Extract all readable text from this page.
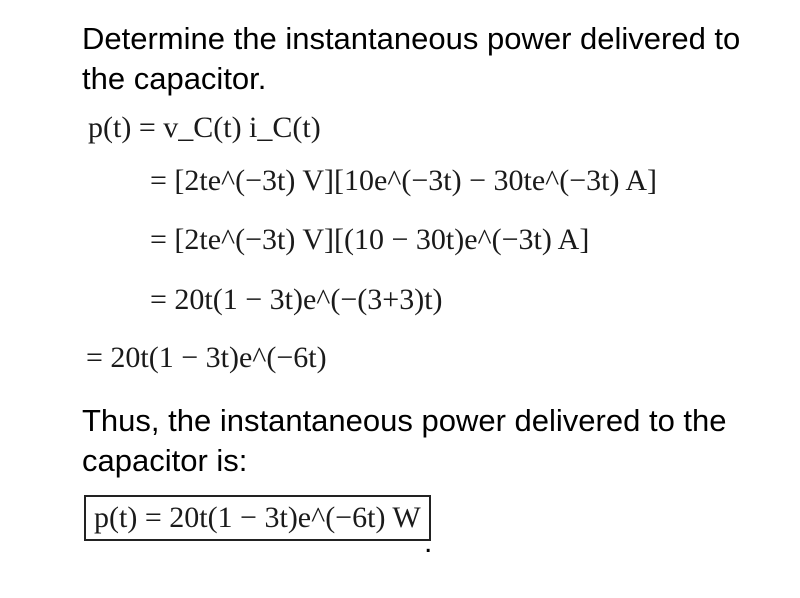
Determine the instantaneous power delivered to the capacitor.
p(t) = v_C(t) i_C(t)
= [2te^(−3t) V][10e^(−3t) − 30te^(−3t) A]
= [2te^(−3t) V][(10 − 30t)e^(−3t) A]
= 20t(1 − 3t)e^(−(3+3)t)
= 20t(1 − 3t)e^(−6t)
Thus, the instantaneous power delivered to the capacitor is:
p(t) = 20t(1 − 3t)e^(−6t) W
.
